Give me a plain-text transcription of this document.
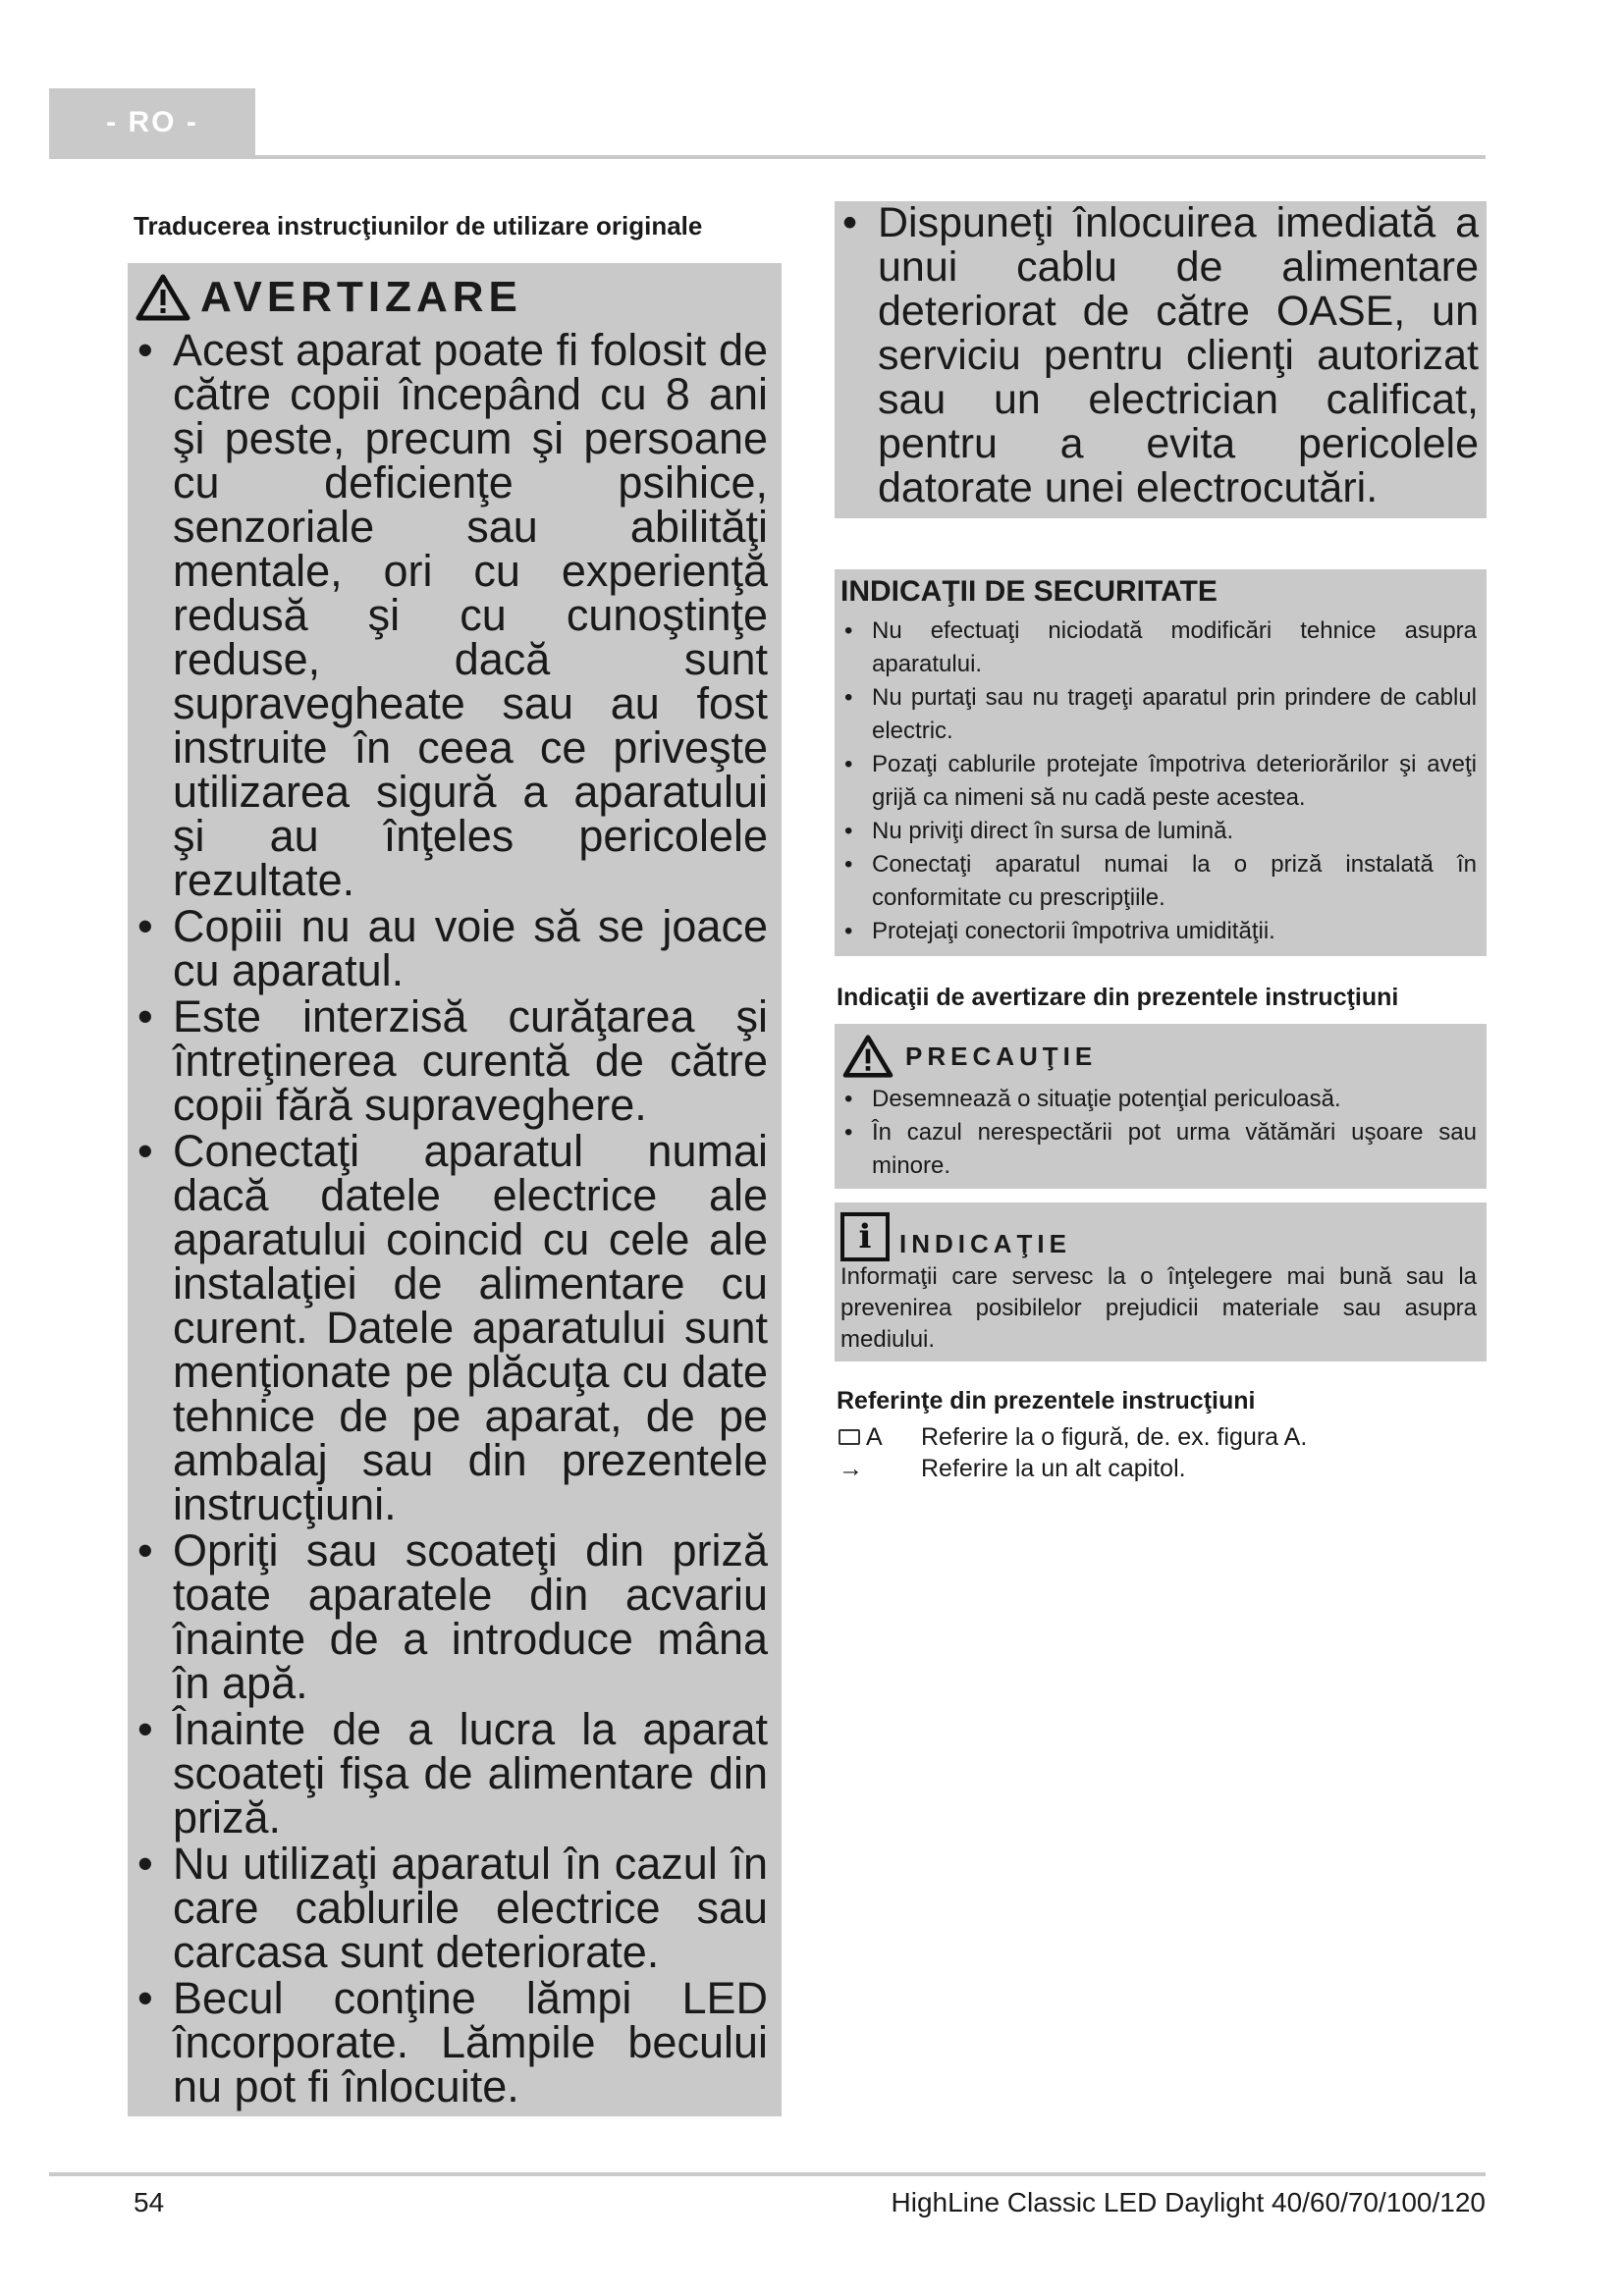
- RO -
Traducerea instrucţiunilor de utilizare originale
AVERTIZARE
• Acest aparat poate fi folosit de către copii începând cu 8 ani şi peste, precum şi persoane cu deficienţe psihice, senzoriale sau abilităţi mentale, ori cu experienţă redusă şi cu cunoştinţe reduse, dacă sunt supravegheate sau au fost instruite în ceea ce priveşte utilizarea sigură a aparatului şi au înţeles pericolele rezultate.
• Copiii nu au voie să se joace cu aparatul.
• Este interzisă curăţarea şi întreţinerea curentă de către copii fără supraveghere.
• Conectaţi aparatul numai dacă datele electrice ale aparatului coincid cu cele ale instalaţiei de alimentare cu curent. Datele aparatului sunt menţionate pe plăcuţa cu date tehnice de pe aparat, de pe ambalaj sau din prezentele instrucţiuni.
• Opriţi sau scoateţi din priză toate aparatele din acvariu înainte de a introduce mâna în apă.
• Înainte de a lucra la aparat scoateţi fişa de alimentare din priză.
• Nu utilizaţi aparatul în cazul în care cablurile electrice sau carcasa sunt deteriorate.
• Becul conţine lămpi LED încorporate. Lămpile becului nu pot fi înlocuite.
• Dispuneţi înlocuirea imediată a unui cablu de alimentare deteriorat de către OASE, un serviciu pentru clienţi autorizat sau un electrician calificat, pentru a evita pericolele datorate unei electrocutări.
INDICAŢII DE SECURITATE
• Nu efectuaţi niciodată modificări tehnice asupra aparatului.
• Nu purtaţi sau nu trageţi aparatul prin prindere de cablul electric.
• Pozaţi cablurile protejate împotriva deteriorărilor şi aveţi grijă ca nimeni să nu cadă peste acestea.
• Nu priviţi direct în sursa de lumină.
• Conectaţi aparatul numai la o priză instalată în conformitate cu prescripţiile.
• Protejaţi conectorii împotriva umidităţii.
Indicaţii de avertizare din prezentele instrucţiuni
PRECAUŢIE
• Desemnează o situaţie potenţial periculoasă.
• În cazul nerespectării pot urma vătămări uşoare sau minore.
i	INDICAŢIE
Informaţii care servesc la o înţelegere mai bună sau la prevenirea posibilelor prejudicii materiale sau asupra mediului.
Referinţe din prezentele instrucţiuni
A Referire la o figură, de. ex. figura A.
→	Referire la un alt capitol.
54	HighLine Classic LED Daylight 40/60/70/100/120
